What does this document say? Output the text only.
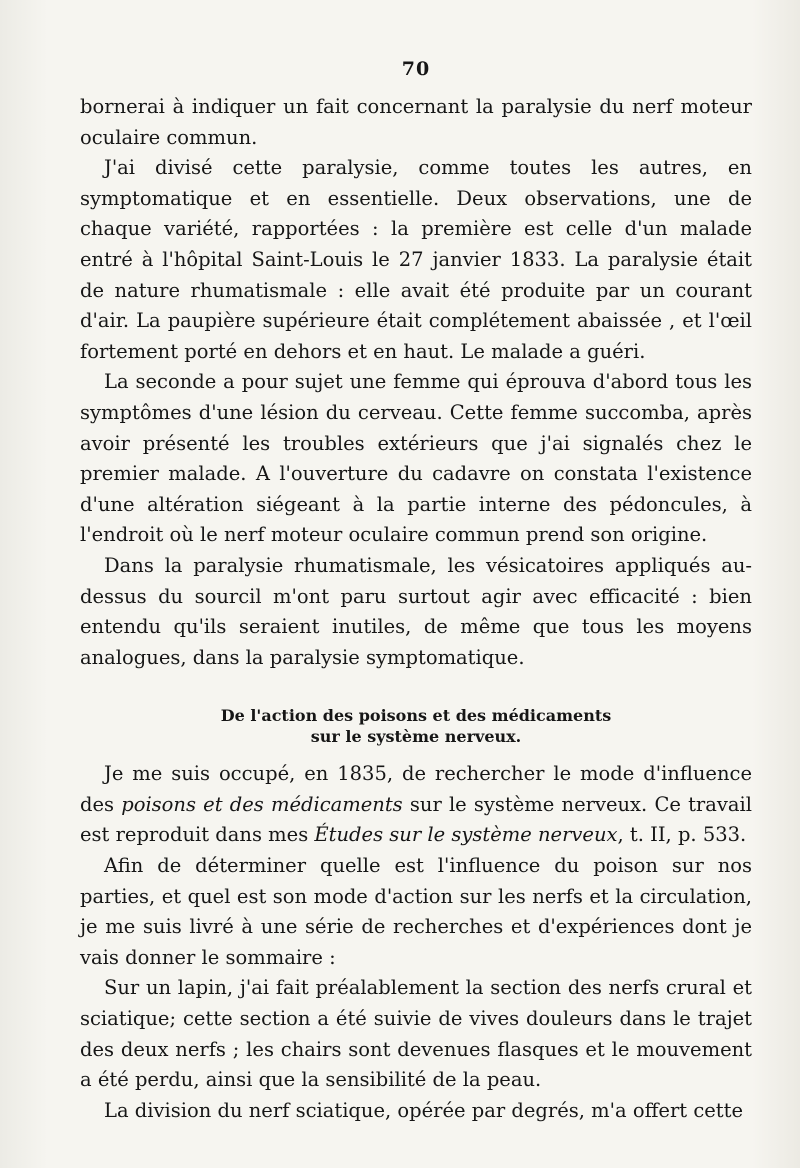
70

bornerai à indiquer un fait concernant la paralysie du nerf moteur oculaire commun.

J'ai divisé cette paralysie, comme toutes les autres, en symptomatique et en essentielle. Deux observations, une de chaque variété, rapportées : la première est celle d'un malade entré à l'hôpital Saint-Louis le 27 janvier 1833. La paralysie était de nature rhumatismale : elle avait été produite par un courant d'air. La paupière supérieure était complétement abaissée , et l'œil fortement porté en dehors et en haut. Le malade a guéri.

La seconde a pour sujet une femme qui éprouva d'abord tous les symptômes d'une lésion du cerveau. Cette femme succomba, après avoir présenté les troubles extérieurs que j'ai signalés chez le premier malade. A l'ouverture du cadavre on constata l'existence d'une altération siégeant à la partie interne des pédoncules, à l'endroit où le nerf moteur oculaire commun prend son origine.

Dans la paralysie rhumatismale, les vésicatoires appliqués au-dessus du sourcil m'ont paru surtout agir avec efficacité : bien entendu qu'ils seraient inutiles, de même que tous les moyens analogues, dans la paralysie symptomatique.

De l'action des poisons et des médicaments
sur le système nerveux.

Je me suis occupé, en 1835, de rechercher le mode d'influence des poisons et des médicaments sur le système nerveux. Ce travail est reproduit dans mes Études sur le système nerveux, t. II, p. 533.

Afin de déterminer quelle est l'influence du poison sur nos parties, et quel est son mode d'action sur les nerfs et la circulation, je me suis livré à une série de recherches et d'expériences dont je vais donner le sommaire :

Sur un lapin, j'ai fait préalablement la section des nerfs crural et sciatique; cette section a été suivie de vives douleurs dans le trajet des deux nerfs ; les chairs sont devenues flasques et le mouvement a été perdu, ainsi que la sensibilité de la peau.

La division du nerf sciatique, opérée par degrés, m'a offert cette
